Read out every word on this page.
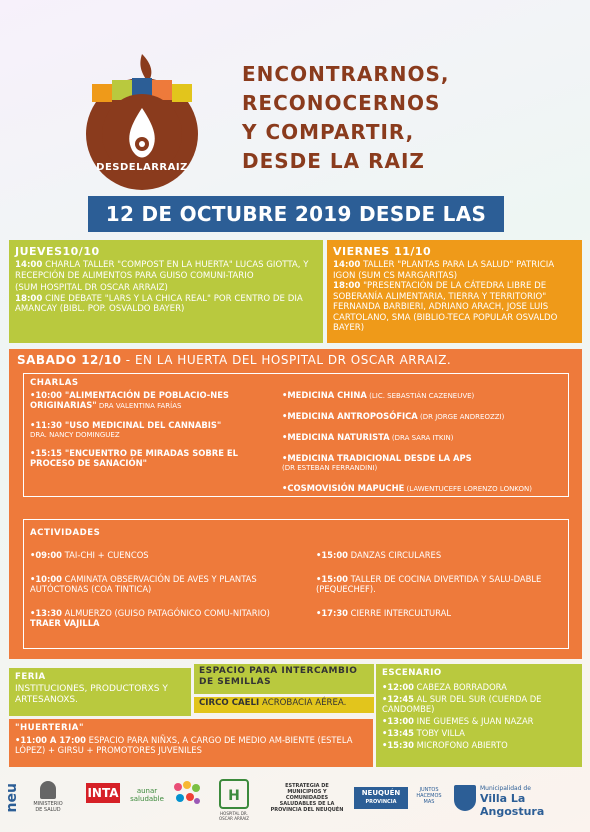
DESDELARRAIZ
ENCONTRARNOS,
RECONOCERNOS
Y COMPARTIR,
DESDE LA RAIZ
12 DE OCTUBRE 2019 DESDE LAS
JUEVES10/10
14:00 CHARLA TALLER "COMPOST EN LA HUERTA" LUCAS GIOTTA, Y RECEPCIÓN DE ALIMENTOS PARA GUISO COMUNI-TARIO
(SUM HOSPITAL DR OSCAR ARRAIZ)
18:00 CINE DEBATE "LARS Y LA CHICA REAL" POR CENTRO DE DIA AMANCAY (BIBL. POP. OSVALDO BAYER)
VIERNES 11/10
14:00 TALLER "PLANTAS PARA LA SALUD" PATRICIA IGON (SUM CS MARGARITAS)
18:00 "PRESENTACIÓN DE LA CÁTEDRA LIBRE DE SOBERANÍA ALIMENTARIA, TIERRA Y TERRITORIO" FERNANDA BARBIERI, ADRIANO ARACH, JOSE LUIS CARTOLANO, SMA (BIBLIO-TECA POPULAR OSVALDO BAYER)
SABADO 12/10 - EN LA HUERTA DEL HOSPITAL DR OSCAR ARRAIZ.
CHARLAS
•10:00 "ALIMENTACIÓN DE POBLACIO-NES ORIGINARIAS" DRA VALENTINA FARÍAS
•11:30 "USO MEDICINAL DEL CANNABIS"
DRA. NANCY DOMINGUEZ
•15:15 "ENCUENTRO DE MIRADAS SOBRE EL PROCESO DE SANACIÓN"
•MEDICINA CHINA (LIC. SEBASTIÁN CAZENEUVE)
•MEDICINA ANTROPOSÓFICA (DR JORGE ANDREOZZI)
•MEDICINA NATURISTA (DRA SARA ITKIN)
•MEDICINA TRADICIONAL DESDE LA APS
(DR ESTEBAN FERRANDINI)
•COSMOVISIÓN MAPUCHE (LAWENTUCEFE LORENZO LONKON)
ACTIVIDADES
•09:00 TAI-CHI + CUENCOS
•10:00 CAMINATA OBSERVACIÓN DE AVES Y PLANTAS AUTÓCTONAS (COA TINTICA)
•13:30 ALMUERZO (GUISO PATAGÓNICO COMU-NITARIO) TRAER VAJILLA
•15:00 DANZAS CIRCULARES
•15:00 TALLER DE COCINA DIVERTIDA Y SALU-DABLE (PEQUECHEF).
•17:30 CIERRE INTERCULTURAL
FERIA
INSTITUCIONES, PRODUCTORXS Y ARTESANOXS.
ESPACIO PARA INTERCAMBIO DE SEMILLAS
CIRCO CAELI ACROBACIA AÉREA.
ESCENARIO
•12:00 CABEZA BORRADORA
•12:45 AL SUR DEL SUR (CUERDA DE CANDOMBE)
•13:00 INE GUEMES & JUAN NAZAR
•13:45 TOBY VILLA
•15:30 MICROFONO ABIERTO
"HUERTERIA"
•11:00 A 17:00 ESPACIO PARA NIÑXS, A CARGO DE MEDIO AM-BIENTE (ESTELA LÓPEZ) + GIRSU + PROMOTORES JUVENILES
neu	MINISTERIO DE SALUD
INTA	aunar saludable	H
HOSPITAL DR. OSCAR ARRAIZ
ESTRATEGIA DE MUNICIPIOS Y COMUNIDADES SALUDABLES DE LA PROVINCIA DEL NEUQUÉN
NEUQUÉN
PROVINCIA
JUNTOS HACEMOS MAS
Municipalidad de
Villa La Angostura
